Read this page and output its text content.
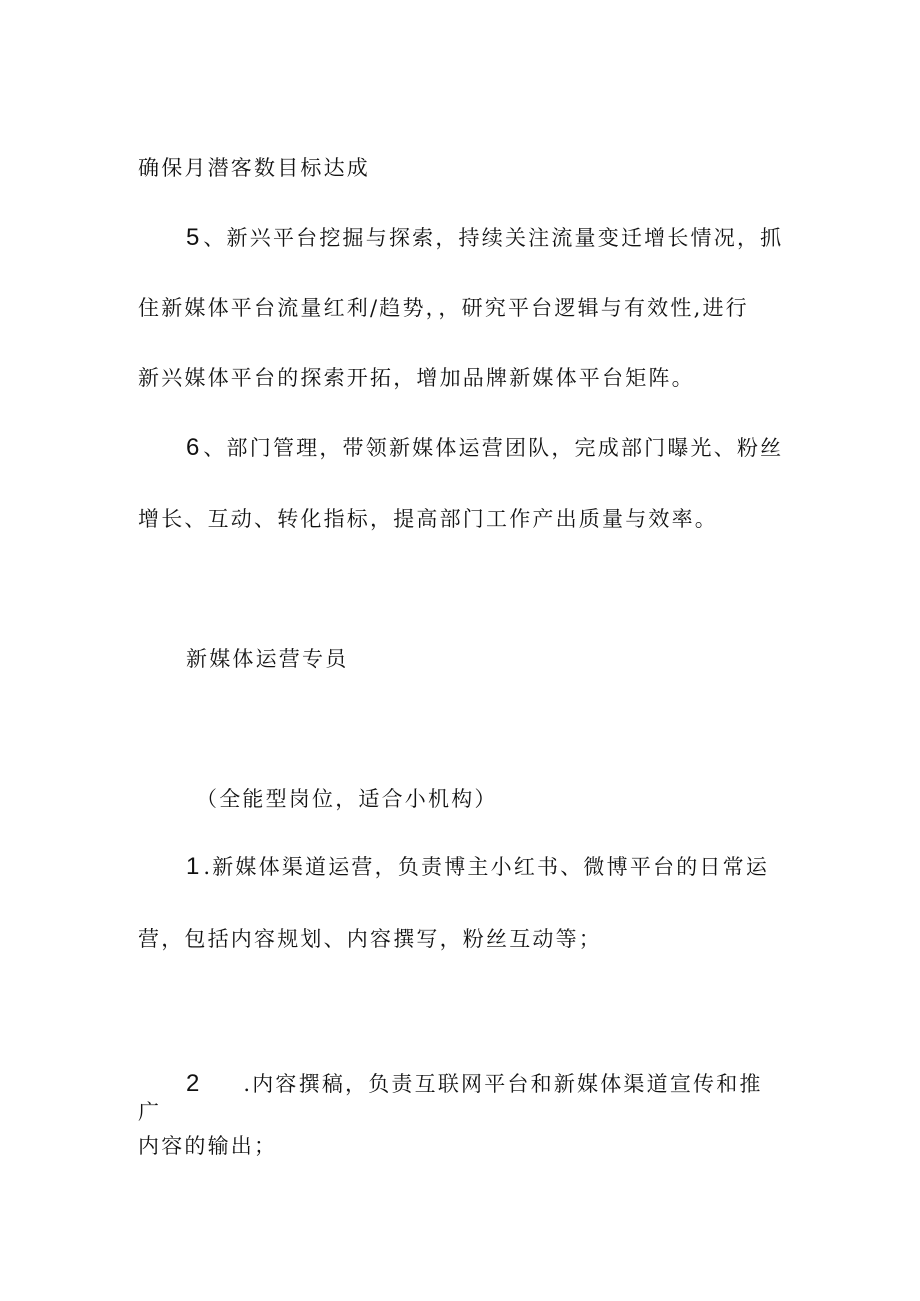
确保月潜客数目标达成
5 、新兴平台挖掘与探索，持续关注流量变迁增长情况，抓
住新媒体平台流量红利/趋势，，研究平台逻辑与有效性,进行
新兴媒体平台的探索开拓，增加品牌新媒体平台矩阵。
6 、部门管理，带领新媒体运营团队，完成部门曝光、粉丝
增长、互动、转化指标，提高部门工作产出质量与效率。
新媒体运营专员
（全能型岗位，适合小机构）
1 .新媒体渠道运营，负责博主小红书、微博平台的日常运
营，包括内容规划、内容撰写，粉丝互动等；
2 .内容撰稿，负责互联网平台和新媒体渠道宣传和推
广
内容的输出；
